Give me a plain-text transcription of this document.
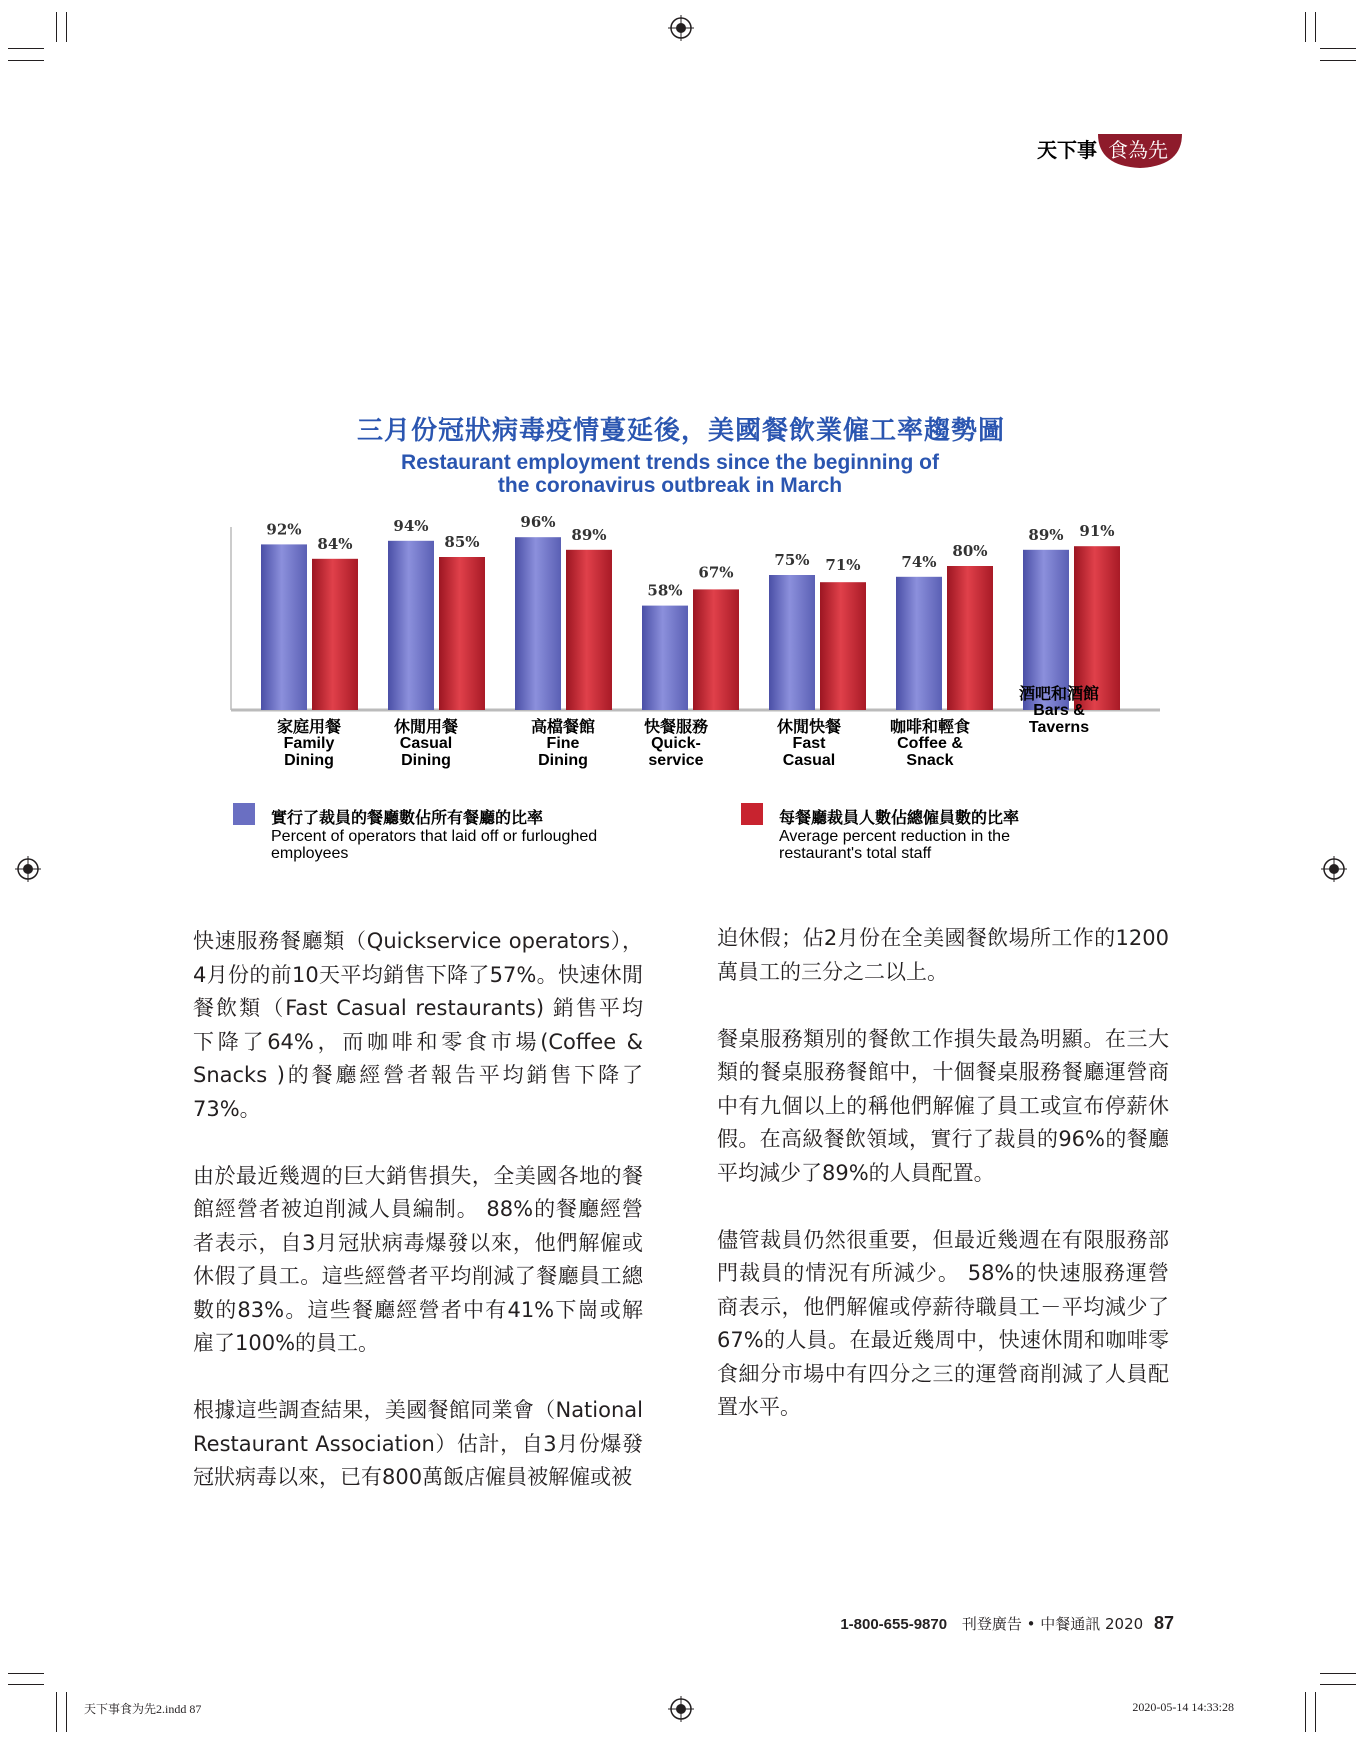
天下事 食為先
三月份冠狀病毒疫情蔓延後，美國餐飲業僱工率趨勢圖
Restaurant employment trends since the beginning of
the coronavirus outbreak in March
92%
84%
94%
85%
96%
89%
58%
67%
75% 71%	74%
80%
89% 91%
家庭用餐
Family
Dining
休閒用餐
Casual
Dining
高檔餐館
Fine
Dining
快餐服務
Quick-
service
休閒快餐
Fast
Casual
咖啡和輕食
Coffee &
Snack
酒吧和酒館
Bars &
Taverns
實行了裁員的餐廳數佔所有餐廳的比率
Percent of operators that laid off or furloughed employees
每餐廳裁員人數佔總僱員數的比率
Average percent reduction in the restaurant's total staff

快速服務餐廳類（Quickservice operators），4月份的前10天平均銷售下降了57%。快速休閒餐飲類（Fast Casual restaurants) 銷售平均下降了64%，而咖啡和零食市場(Coffee & Snacks )的餐廳經營者報告平均銷售下降了73%。

由於最近幾週的巨大銷售損失，全美國各地的餐館經營者被迫削減人員編制。 88%的餐廳經營者表示，自3月冠狀病毒爆發以來，他們解僱或休假了員工。這些經營者平均削減了餐廳員工總數的83%。這些餐廳經營者中有41%下崗或解雇了100%的員工。

根據這些調查結果，美國餐館同業會（National Restaurant Association）估計，自3月份爆發冠狀病毒以來，已有800萬飯店僱員被解僱或被

迫休假；佔2月份在全美國餐飲場所工作的1200萬員工的三分之二以上。

餐桌服務類別的餐飲工作損失最為明顯。在三大類的餐桌服務餐館中，十個餐桌服務餐廳運營商中有九個以上的稱他們解僱了員工或宣布停薪休假。在高級餐飲領域，實行了裁員的96%的餐廳平均減少了89%的人員配置。

儘管裁員仍然很重要，但最近幾週在有限服務部門裁員的情況有所減少。 58%的快速服務運營商表示，他們解僱或停薪待職員工－平均減少了67%的人員。在最近幾周中，快速休閒和咖啡零食細分市場中有四分之三的運營商削減了人員配置水平。

1-800-655-9870 刊登廣告 • 中餐通訊 2020 87
天下事食为先2.indd 87	2020-05-14 14:33:28
